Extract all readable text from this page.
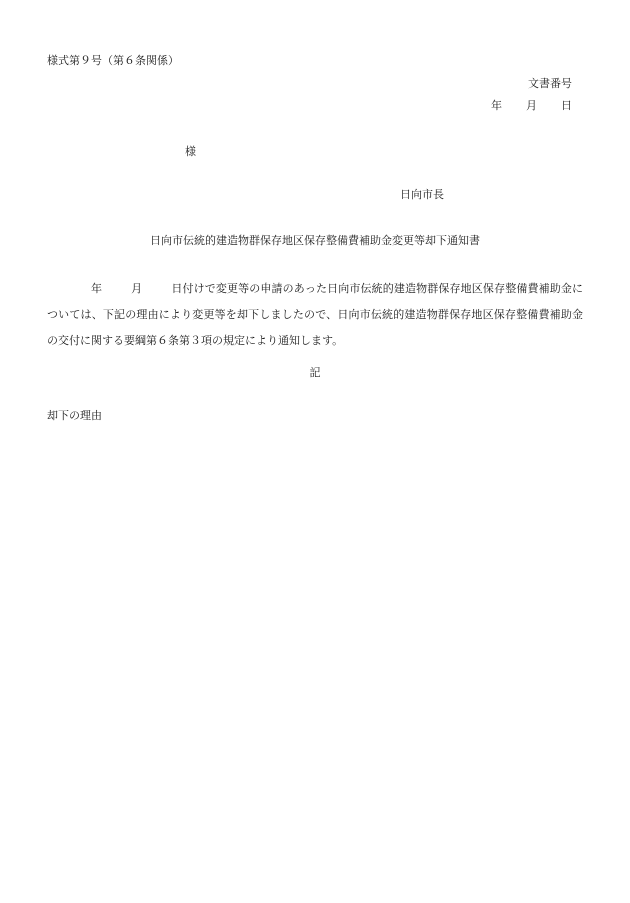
様式第９号（第６条関係）
文書番号
年 月 日
様
日向市長
日向市伝統的建造物群保存地区保存整備費補助金変更等却下通知書
年	月	日付けで変更等の申請のあった日向市伝統的建造物群保存地区保存整備費補助金については、下記の理由により変更等を却下しましたので、日向市伝統的建造物群保存地区保存整備費補助金の交付に関する要綱第６条第３項の規定により通知します。
記
却下の理由
